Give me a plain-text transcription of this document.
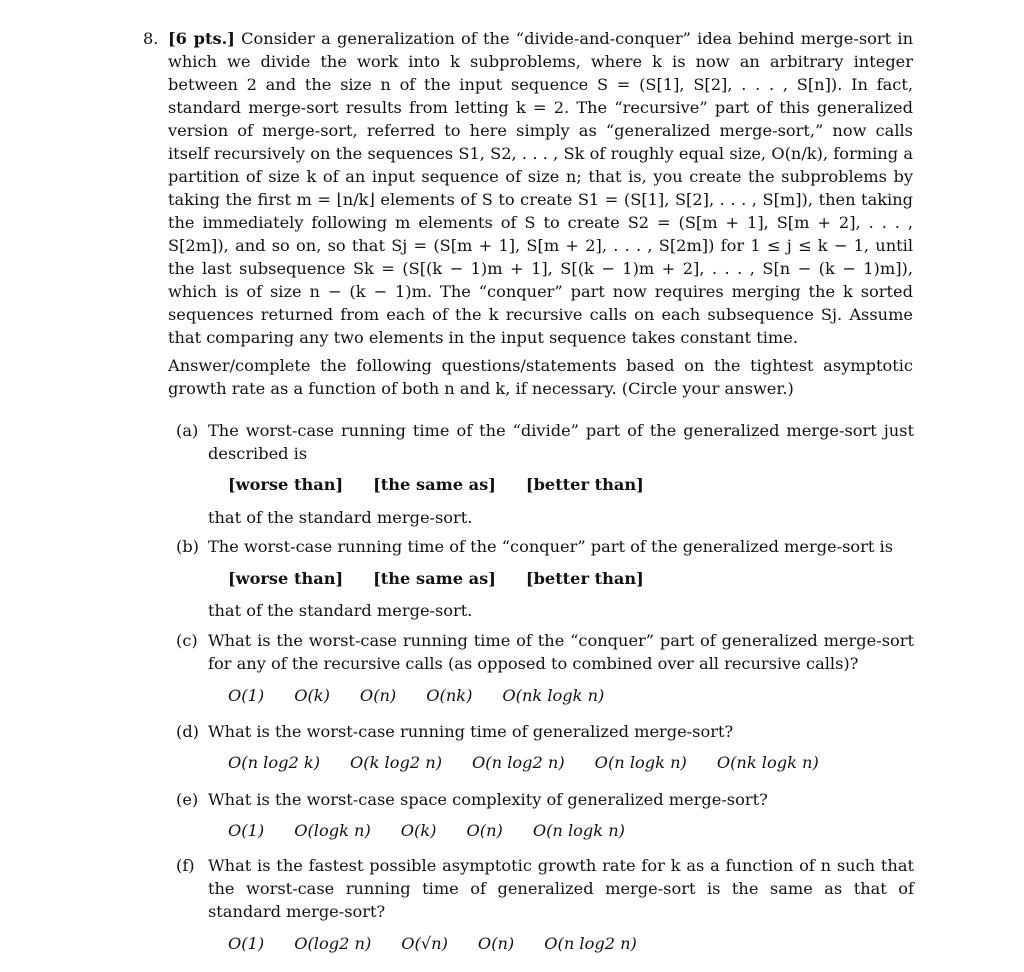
8. [6 pts.] Consider a generalization of the “divide-and-conquer” idea behind merge-sort in which we divide the work into k subproblems, where k is now an arbitrary integer between 2 and the size n of the input sequence S = (S[1], S[2], . . . , S[n]). In fact, standard merge-sort results from letting k = 2. The “recursive” part of this generalized version of merge-sort, referred to here simply as “generalized merge-sort,” now calls itself recursively on the sequences S1, S2, . . . , Sk of roughly equal size, O(n/k), forming a partition of size k of an input sequence of size n; that is, you create the subproblems by taking the first m = ⌊n/k⌋ elements of S to create S1 = (S[1], S[2], . . . , S[m]), then taking the immediately following m elements of S to create S2 = (S[m + 1], S[m + 2], . . . , S[2m]), and so on, so that Sj = (S[m + 1], S[m + 2], . . . , S[2m]) for 1 ≤ j ≤ k − 1, until the last subsequence Sk = (S[(k − 1)m + 1], S[(k − 1)m + 2], . . . , S[n − (k − 1)m]), which is of size n − (k − 1)m. The “conquer” part now requires merging the k sorted sequences returned from each of the k recursive calls on each subsequence Sj. Assume that comparing any two elements in the input sequence takes constant time.

Answer/complete the following questions/statements based on the tightest asymptotic growth rate as a function of both n and k, if necessary. (Circle your answer.)
(a) The worst-case running time of the “divide” part of the generalized merge-sort just described is
[worse than] [the same as] [better than]
that of the standard merge-sort.
(b) The worst-case running time of the “conquer” part of the generalized merge-sort is
[worse than] [the same as] [better than]
that of the standard merge-sort.
(c) What is the worst-case running time of the “conquer” part of generalized merge-sort for any of the recursive calls (as opposed to combined over all recursive calls)?
O(1) O(k) O(n) O(nk) O(nk logk n)
(d) What is the worst-case running time of generalized merge-sort?
O(n log2 k) O(k log2 n) O(n log2 n) O(n logk n) O(nk logk n)
(e) What is the worst-case space complexity of generalized merge-sort?
O(1) O(logk n) O(k) O(n) O(n logk n)
(f) What is the fastest possible asymptotic growth rate for k as a function of n such that the worst-case running time of generalized merge-sort is the same as that of standard merge-sort?
O(1) O(log2 n) O(√n) O(n) O(n log2 n)
